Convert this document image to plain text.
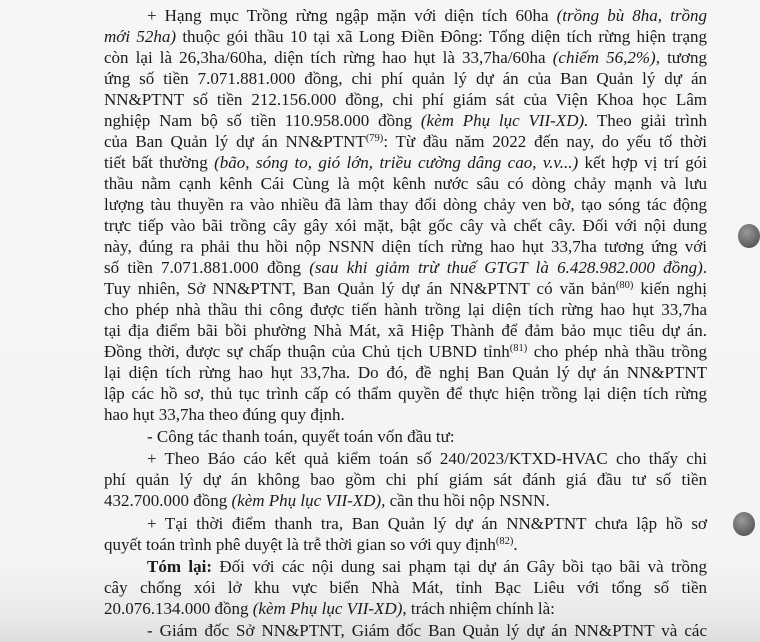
+ Hạng mục Trồng rừng ngập mặn với diện tích 60ha (trồng bù 8ha, trồng
mới 52ha) thuộc gói thầu 10 tại xã Long Điền Đông: Tổng diện tích rừng hiện trạng
còn lại là 26,3ha/60ha, diện tích rừng hao hụt là 33,7ha/60ha (chiếm 56,2%), tương
ứng số tiền 7.071.881.000 đồng, chi phí quản lý dự án của Ban Quản lý dự án
NN&PTNT số tiền 212.156.000 đồng, chi phí giám sát của Viện Khoa học Lâm
nghiệp Nam bộ số tiền 110.958.000 đồng (kèm Phụ lục VII-XD). Theo giải trình
của Ban Quản lý dự án NN&PTNT$^{(79)}$: Từ đầu năm 2022 đến nay, do yếu tố thời
tiết bất thường (bão, sóng to, gió lớn, triều cường dâng cao, v.v...) kết hợp vị trí gói
thầu nằm cạnh kênh Cái Cùng là một kênh nước sâu có dòng chảy mạnh và lưu
lượng tàu thuyền ra vào nhiều đã làm thay đổi dòng chảy ven bờ, tạo sóng tác động
trực tiếp vào bãi trồng cây gây xói mặt, bật gốc cây và chết cây. Đối với nội dung
này, đúng ra phải thu hồi nộp NSNN diện tích rừng hao hụt 33,7ha tương ứng với
số tiền 7.071.881.000 đồng (sau khi giảm trừ thuế GTGT là 6.428.982.000 đồng).
Tuy nhiên, Sở NN&PTNT, Ban Quản lý dự án NN&PTNT có văn bản$^{(80)}$ kiến nghị
cho phép nhà thầu thi công được tiến hành trồng lại diện tích rừng hao hụt 33,7ha
tại địa điểm bãi bồi phường Nhà Mát, xã Hiệp Thành để đảm bảo mục tiêu dự án.
Đồng thời, được sự chấp thuận của Chủ tịch UBND tỉnh$^{(81)}$ cho phép nhà thầu trồng
lại diện tích rừng hao hụt 33,7ha. Do đó, đề nghị Ban Quản lý dự án NN&PTNT
lập các hồ sơ, thủ tục trình cấp có thẩm quyền để thực hiện trồng lại diện tích rừng
hao hụt 33,7ha theo đúng quy định.
- Công tác thanh toán, quyết toán vốn đầu tư:
+ Theo Báo cáo kết quả kiểm toán số 240/2023/KTXD-HVAC cho thấy chi
phí quản lý dự án không bao gồm chi phí giám sát đánh giá đầu tư số tiền
432.700.000 đồng (kèm Phụ lục VII-XD), cần thu hồi nộp NSNN.
+ Tại thời điểm thanh tra, Ban Quản lý dự án NN&PTNT chưa lập hồ sơ
quyết toán trình phê duyệt là trễ thời gian so với quy định$^{(82)}$.
Tóm lại: Đối với các nội dung sai phạm tại dự án Gây bồi tạo bãi và trồng
cây chống xói lở khu vực biển Nhà Mát, tỉnh Bạc Liêu với tổng số tiền
20.076.134.000 đồng (kèm Phụ lục VII-XD), trách nhiệm chính là:
- Giám đốc Sở NN&PTNT, Giám đốc Ban Quản lý dự án NN&PTNT và các
